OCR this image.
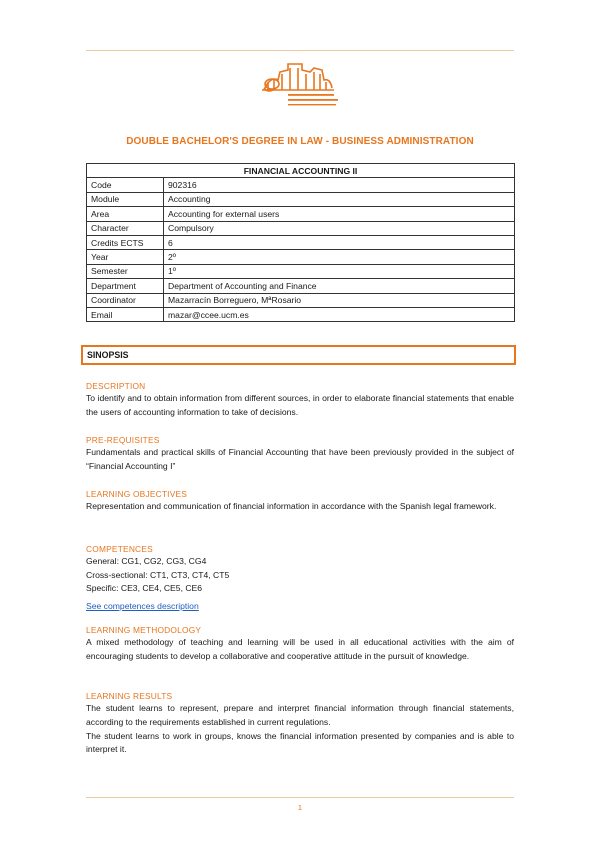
DOUBLE BACHELOR'S DEGREE IN LAW - BUSINESS ADMINISTRATION
FINANCIAL ACCOUNTING II	
Code	902316
Module	Accounting
Area	Accounting for external users
Character	Compulsory
Credits ECTS	6
Year	2º
Semester	1º
Department	Department of Accounting and Finance
Coordinator	Mazarracín Borreguero, MªRosario
Email	mazar@ccee.ucm.es
SINOPSIS
DESCRIPTION
To identify and to obtain information from different sources, in order to elaborate financial statements that enable the users of accounting information to take of decisions.
PRE-REQUISITES
Fundamentals and practical skills of Financial Accounting that have been previously provided in the subject of “Financial Accounting I”
LEARNING OBJECTIVES
Representation and communication of financial information in accordance with the Spanish legal framework.
COMPETENCES
General: CG1, CG2, CG3, CG4
Cross-sectional: CT1, CT3, CT4, CT5
Specific: CE3, CE4, CE5, CE6
See competences description
LEARNING METHODOLOGY
A mixed methodology of teaching and learning will be used in all educational activities with the aim of encouraging students to develop a collaborative and cooperative attitude in the pursuit of knowledge.
LEARNING RESULTS
The student learns to represent, prepare and interpret financial information through financial statements, according to the requirements established in current regulations.
The student learns to work in groups, knows the financial information presented by companies and is able to interpret it.
1
